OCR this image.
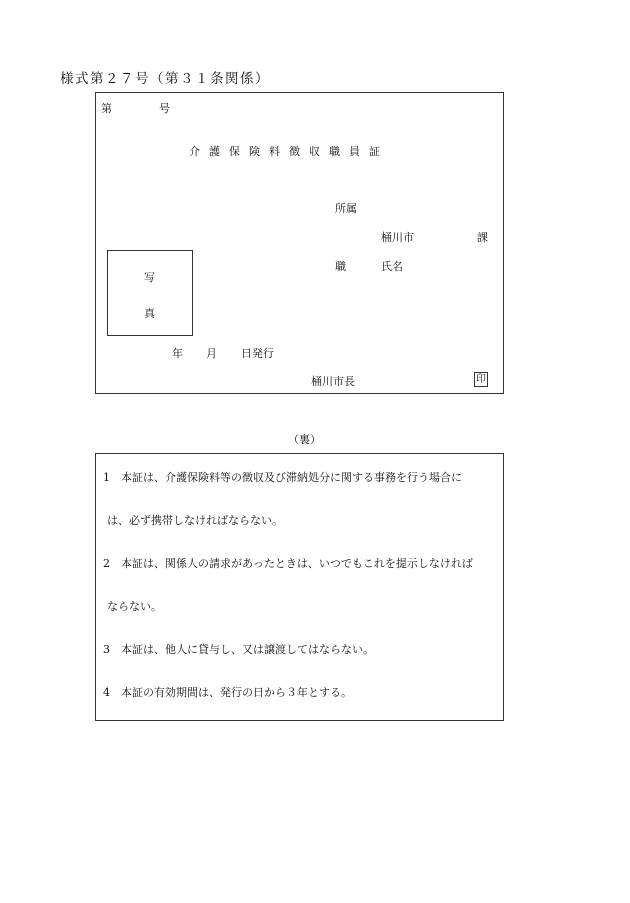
様式第２７号（第３１条関係）
第	号
介護保険料徴収職員証
所属
桶川市	課
職	氏名
写
真
年 月 日発行
桶川市長	印
（裏）
1　本証は、介護保険料等の徴収及び滞納処分に関する事務を行う場合に
は、必ず携帯しなければならない。
2　本証は、関係人の請求があったときは、いつでもこれを提示しなければ
ならない。
3　本証は、他人に貸与し、又は譲渡してはならない。
4　本証の有効期間は、発行の日から３年とする。
